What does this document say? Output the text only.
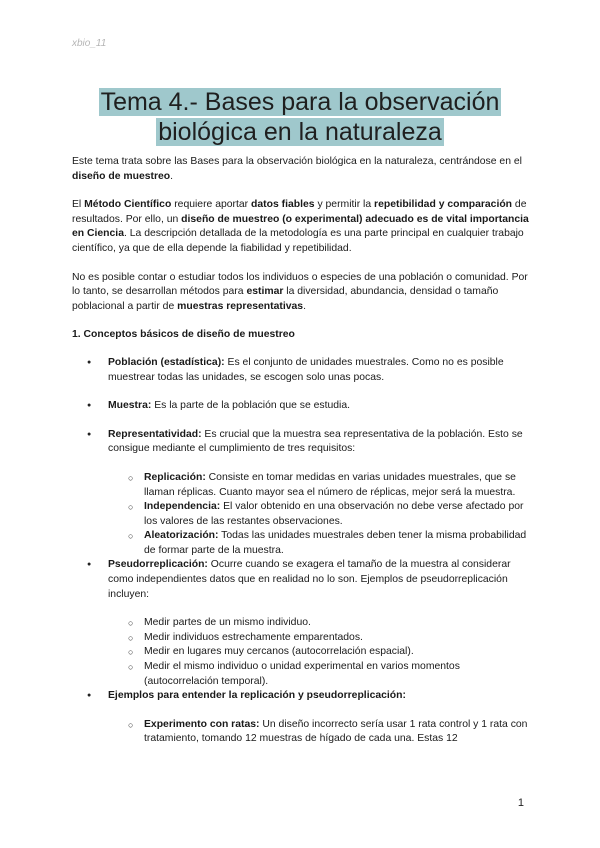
xbio_11
Tema 4.- Bases para la observación
biológica en la naturaleza

Este tema trata sobre las Bases para la observación biológica en la naturaleza, centrándose en el diseño de muestreo.

El Método Científico requiere aportar datos fiables y permitir la repetibilidad y comparación de resultados. Por ello, un diseño de muestreo (o experimental) adecuado es de vital importancia en Ciencia. La descripción detallada de la metodología es una parte principal en cualquier trabajo científico, ya que de ella depende la fiabilidad y repetibilidad.

No es posible contar o estudiar todos los individuos o especies de una población o comunidad. Por lo tanto, se desarrollan métodos para estimar la diversidad, abundancia, densidad o tamaño poblacional a partir de muestras representativas.

1. Conceptos básicos de diseño de muestreo

● Población (estadística): Es el conjunto de unidades muestrales. Como no es posible muestrear todas las unidades, se escogen solo unas pocas.
● Muestra: Es la parte de la población que se estudia.
● Representatividad: Es crucial que la muestra sea representativa de la población. Esto se consigue mediante el cumplimiento de tres requisitos:
○ Replicación: Consiste en tomar medidas en varias unidades muestrales, que se llaman réplicas. Cuanto mayor sea el número de réplicas, mejor será la muestra.
○ Independencia: El valor obtenido en una observación no debe verse afectado por los valores de las restantes observaciones.
○ Aleatorización: Todas las unidades muestrales deben tener la misma probabilidad de formar parte de la muestra.
● Pseudorreplicación: Ocurre cuando se exagera el tamaño de la muestra al considerar como independientes datos que en realidad no lo son. Ejemplos de pseudorreplicación incluyen:
○ Medir partes de un mismo individuo.
○ Medir individuos estrechamente emparentados.
○ Medir en lugares muy cercanos (autocorrelación espacial).
○ Medir el mismo individuo o unidad experimental en varios momentos (autocorrelación temporal).
● Ejemplos para entender la replicación y pseudorreplicación:
○ Experimento con ratas: Un diseño incorrecto sería usar 1 rata control y 1 rata con tratamiento, tomando 12 muestras de hígado de cada una. Estas 12
1
